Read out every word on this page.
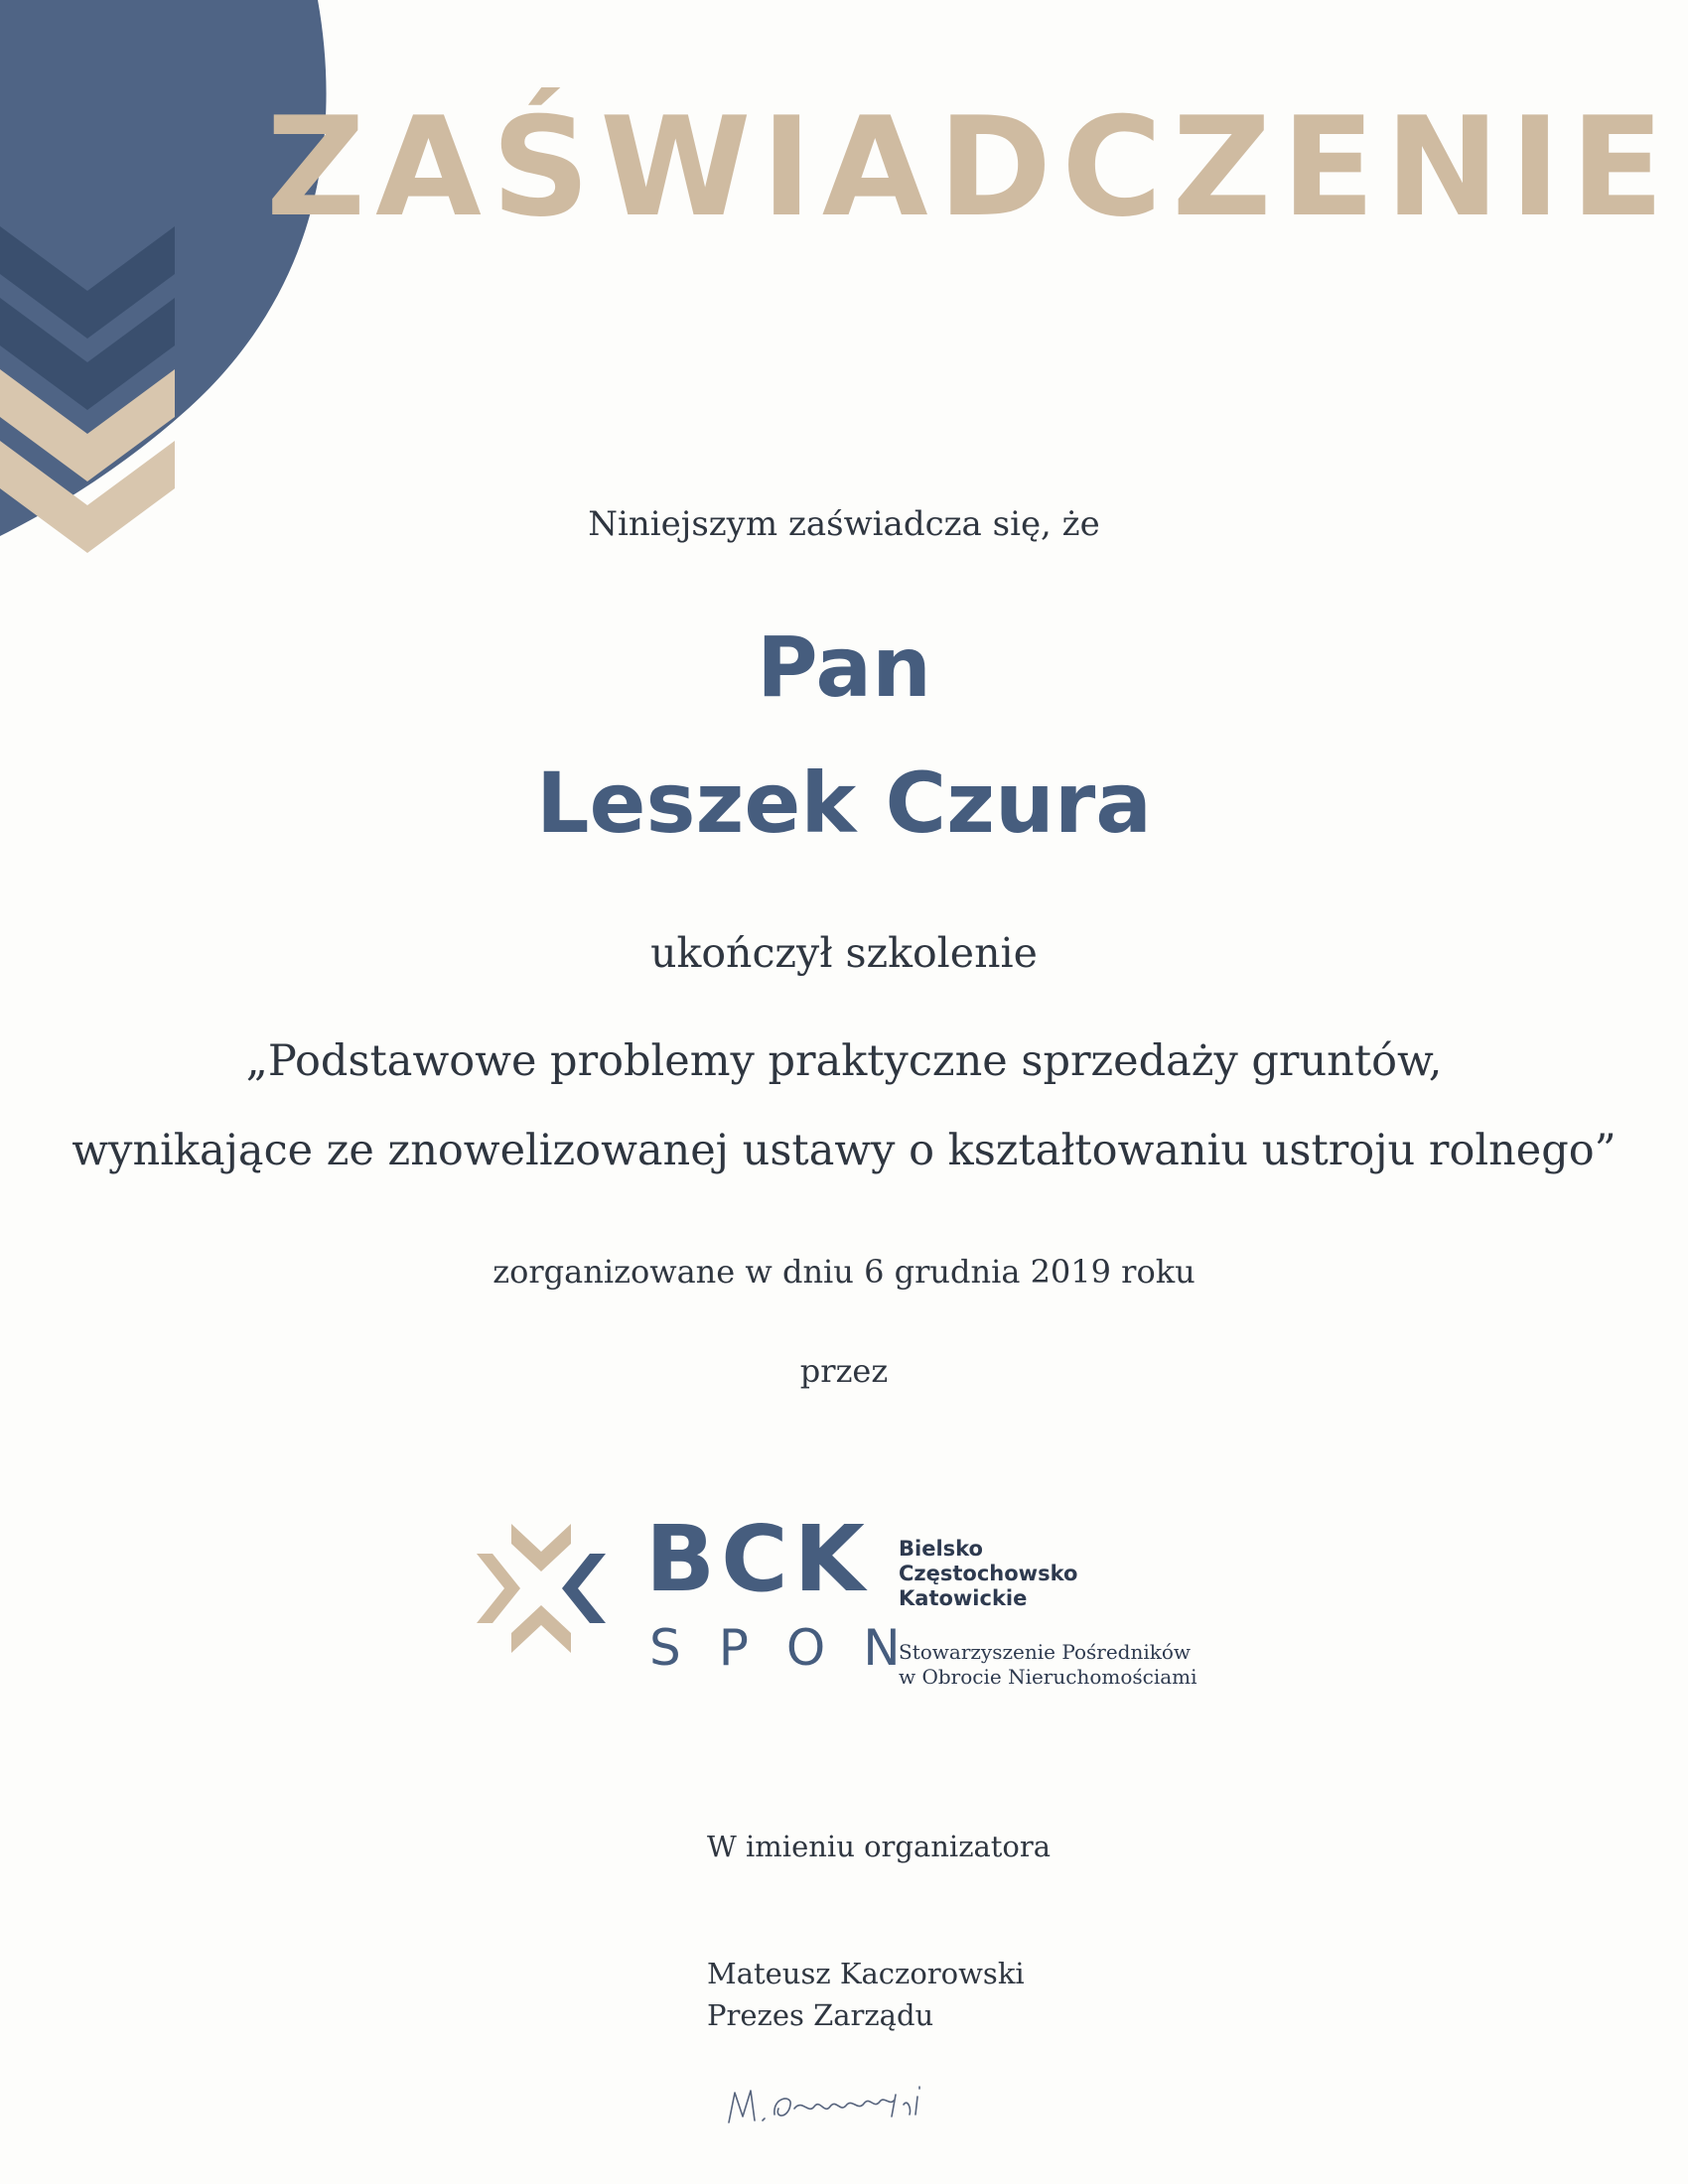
ZAŚWIADCZENIE
Niniejszym zaświadcza się, że
Pan
Leszek Czura
ukończył szkolenie
„Podstawowe problemy praktyczne sprzedaży gruntów,
wynikające ze znowelizowanej ustawy o kształtowaniu ustroju rolnego”
zorganizowane w dniu 6 grudnia 2019 roku
przez
BCK
SPON
Bielsko
Częstochowsko
Katowickie
Stowarzyszenie Pośredników
w Obrocie Nieruchomościami
W imieniu organizatora
Mateusz Kaczorowski
Prezes Zarządu
